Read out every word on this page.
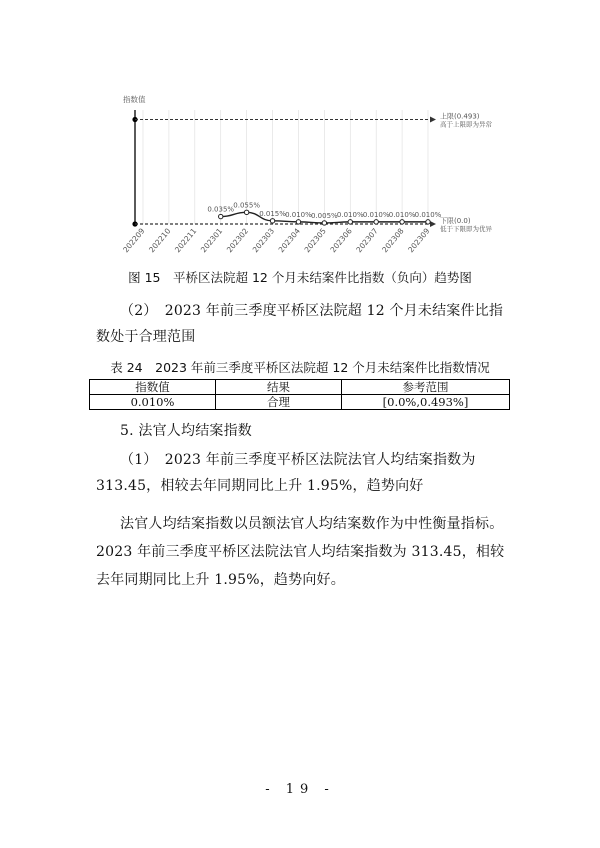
指数值
上限(0.493)
高于上限即为异常
下限(0.0)
低于下限即为优异
202209 202210 202211 202301 202302 202303 202304 202305 202306 202307 202308 202309
0.035%
0.055%
0.015% 0.010% 0.005% 0.010% 0.010% 0.010% 0.010%
图 15　平桥区法院超 12 个月未结案件比指数（负向）趋势图
（2）　2023 年前三季度平桥区法院超 12 个月未结案件比指数处于合理范围
表 24　2023 年前三季度平桥区法院超 12 个月未结案件比指数情况
指数值	结果	参考范围
0.010%	合理	[0.0%,0.493%]
5. 法官人均结案指数
（1）　2023 年前三季度平桥区法院法官人均结案指数为 313.45，相较去年同期同比上升 1.95%，趋势向好
法官人均结案指数以员额法官人均结案数作为中性衡量指标。2023 年前三季度平桥区法院法官人均结案指数为 313.45，相较去年同期同比上升 1.95%，趋势向好。
- 19 -
